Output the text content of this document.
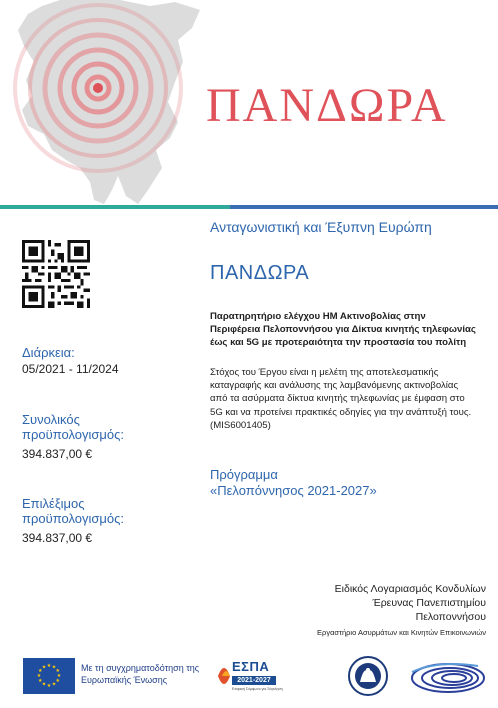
ΠΑΝΔΩΡΑ
Ανταγωνιστική και Έξυπνη Ευρώπη
Διάρκεια:
05/2021 - 11/2024
Συνολικός προϋπολογισμός:
394.837,00 €
Επιλέξιμος προϋπολογισμός:
394.837,00 €
ΠΑΝΔΩΡΑ
Παρατηρητήριο ελέγχου ΗΜ Ακτινοβολίας στην Περιφέρεια Πελοποννήσου για Δίκτυα κινητής τηλεφωνίας έως και 5G με προτεραιότητα την προστασία του πολίτη
Στόχος του Έργου είναι η μελέτη της αποτελεσματικής καταγραφής και ανάλυσης της λαμβανόμενης ακτινοβολίας από τα ασύρματα δίκτυα κινητής τηλεφωνίας με έμφαση στο 5G και να προτείνει πρακτικές οδηγίες για την ανάπτυξή τους. (MIS6001405)
Πρόγραμμα
«Πελοπόννησος 2021-2027»
Ειδικός Λογαριασμός Κονδυλίων
Έρευνας Πανεπιστημίου
Πελοποννήσου
Εργαστήριο Ασυρμάτων και Κινητών Επικοινωνιών
★ ★
★
★
★
★
★
★
★
★
★
★	Με τη συγχρηματοδότηση της Ευρωπαϊκής Ένωσης
ΕΣΠΑ
2021-2027
Εταιρική Σύμφωνο για Σύγκληση
